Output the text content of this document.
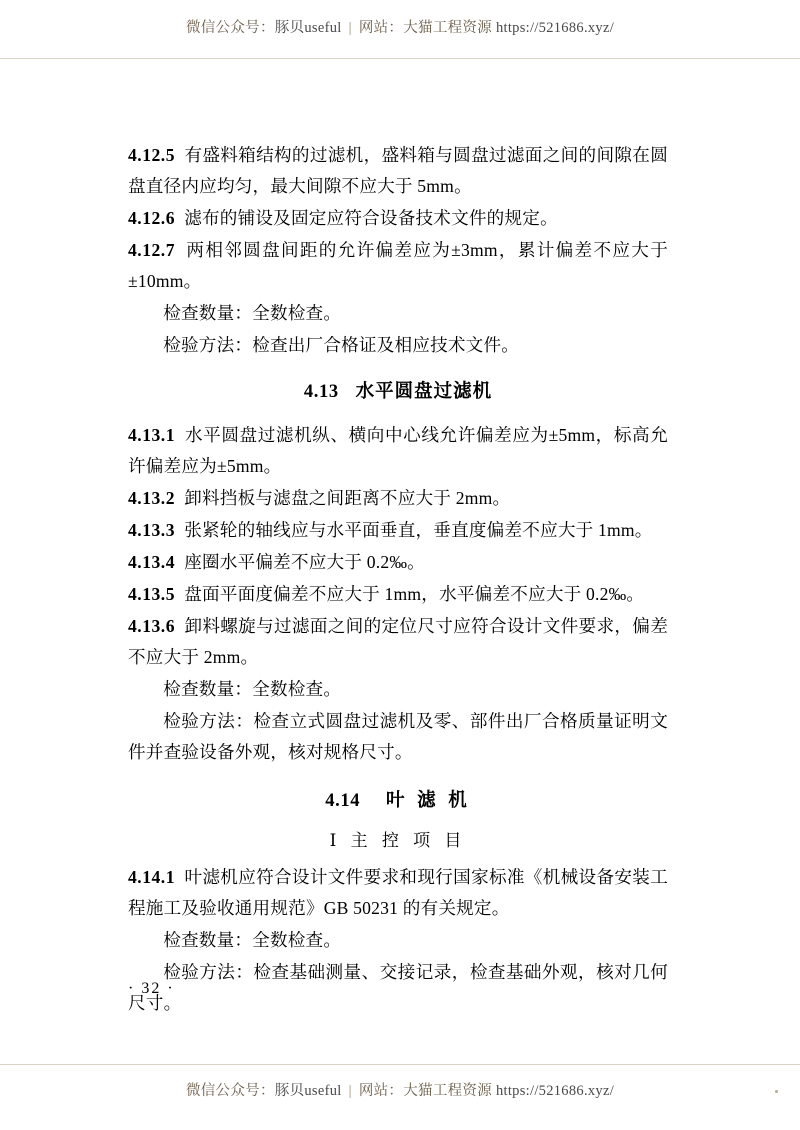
微信公众号：豚贝useful | 网站：大猫工程资源 https://521686.xyz/

4.12.5 有盛料箱结构的过滤机，盛料箱与圆盘过滤面之间的间隙在圆盘直径内应均匀，最大间隙不应大于 5mm。

4.12.6 滤布的铺设及固定应符合设备技术文件的规定。

4.12.7 两相邻圆盘间距的允许偏差应为±3mm，累计偏差不应大于±10mm。

检查数量：全数检查。

检验方法：检查出厂合格证及相应技术文件。

4.13 水平圆盘过滤机

4.13.1 水平圆盘过滤机纵、横向中心线允许偏差应为±5mm，标高允许偏差应为±5mm。

4.13.2 卸料挡板与滤盘之间距离不应大于 2mm。

4.13.3 张紧轮的轴线应与水平面垂直，垂直度偏差不应大于 1mm。

4.13.4 座圈水平偏差不应大于 0.2‰。

4.13.5 盘面平面度偏差不应大于 1mm，水平偏差不应大于 0.2‰。

4.13.6 卸料螺旋与过滤面之间的定位尺寸应符合设计文件要求，偏差不应大于 2mm。

检查数量：全数检查。

检验方法：检查立式圆盘过滤机及零、部件出厂合格质量证明文件并查验设备外观，核对规格尺寸。

4.14 叶 滤 机
Ⅰ 主 控 项 目

4.14.1 叶滤机应符合设计文件要求和现行国家标准《机械设备安装工程施工及验收通用规范》GB 50231 的有关规定。

检查数量：全数检查。

检验方法：检查基础测量、交接记录，检查基础外观，核对几何尺寸。

· 32 ·
微信公众号：豚贝useful | 网站：大猫工程资源 https://521686.xyz/
